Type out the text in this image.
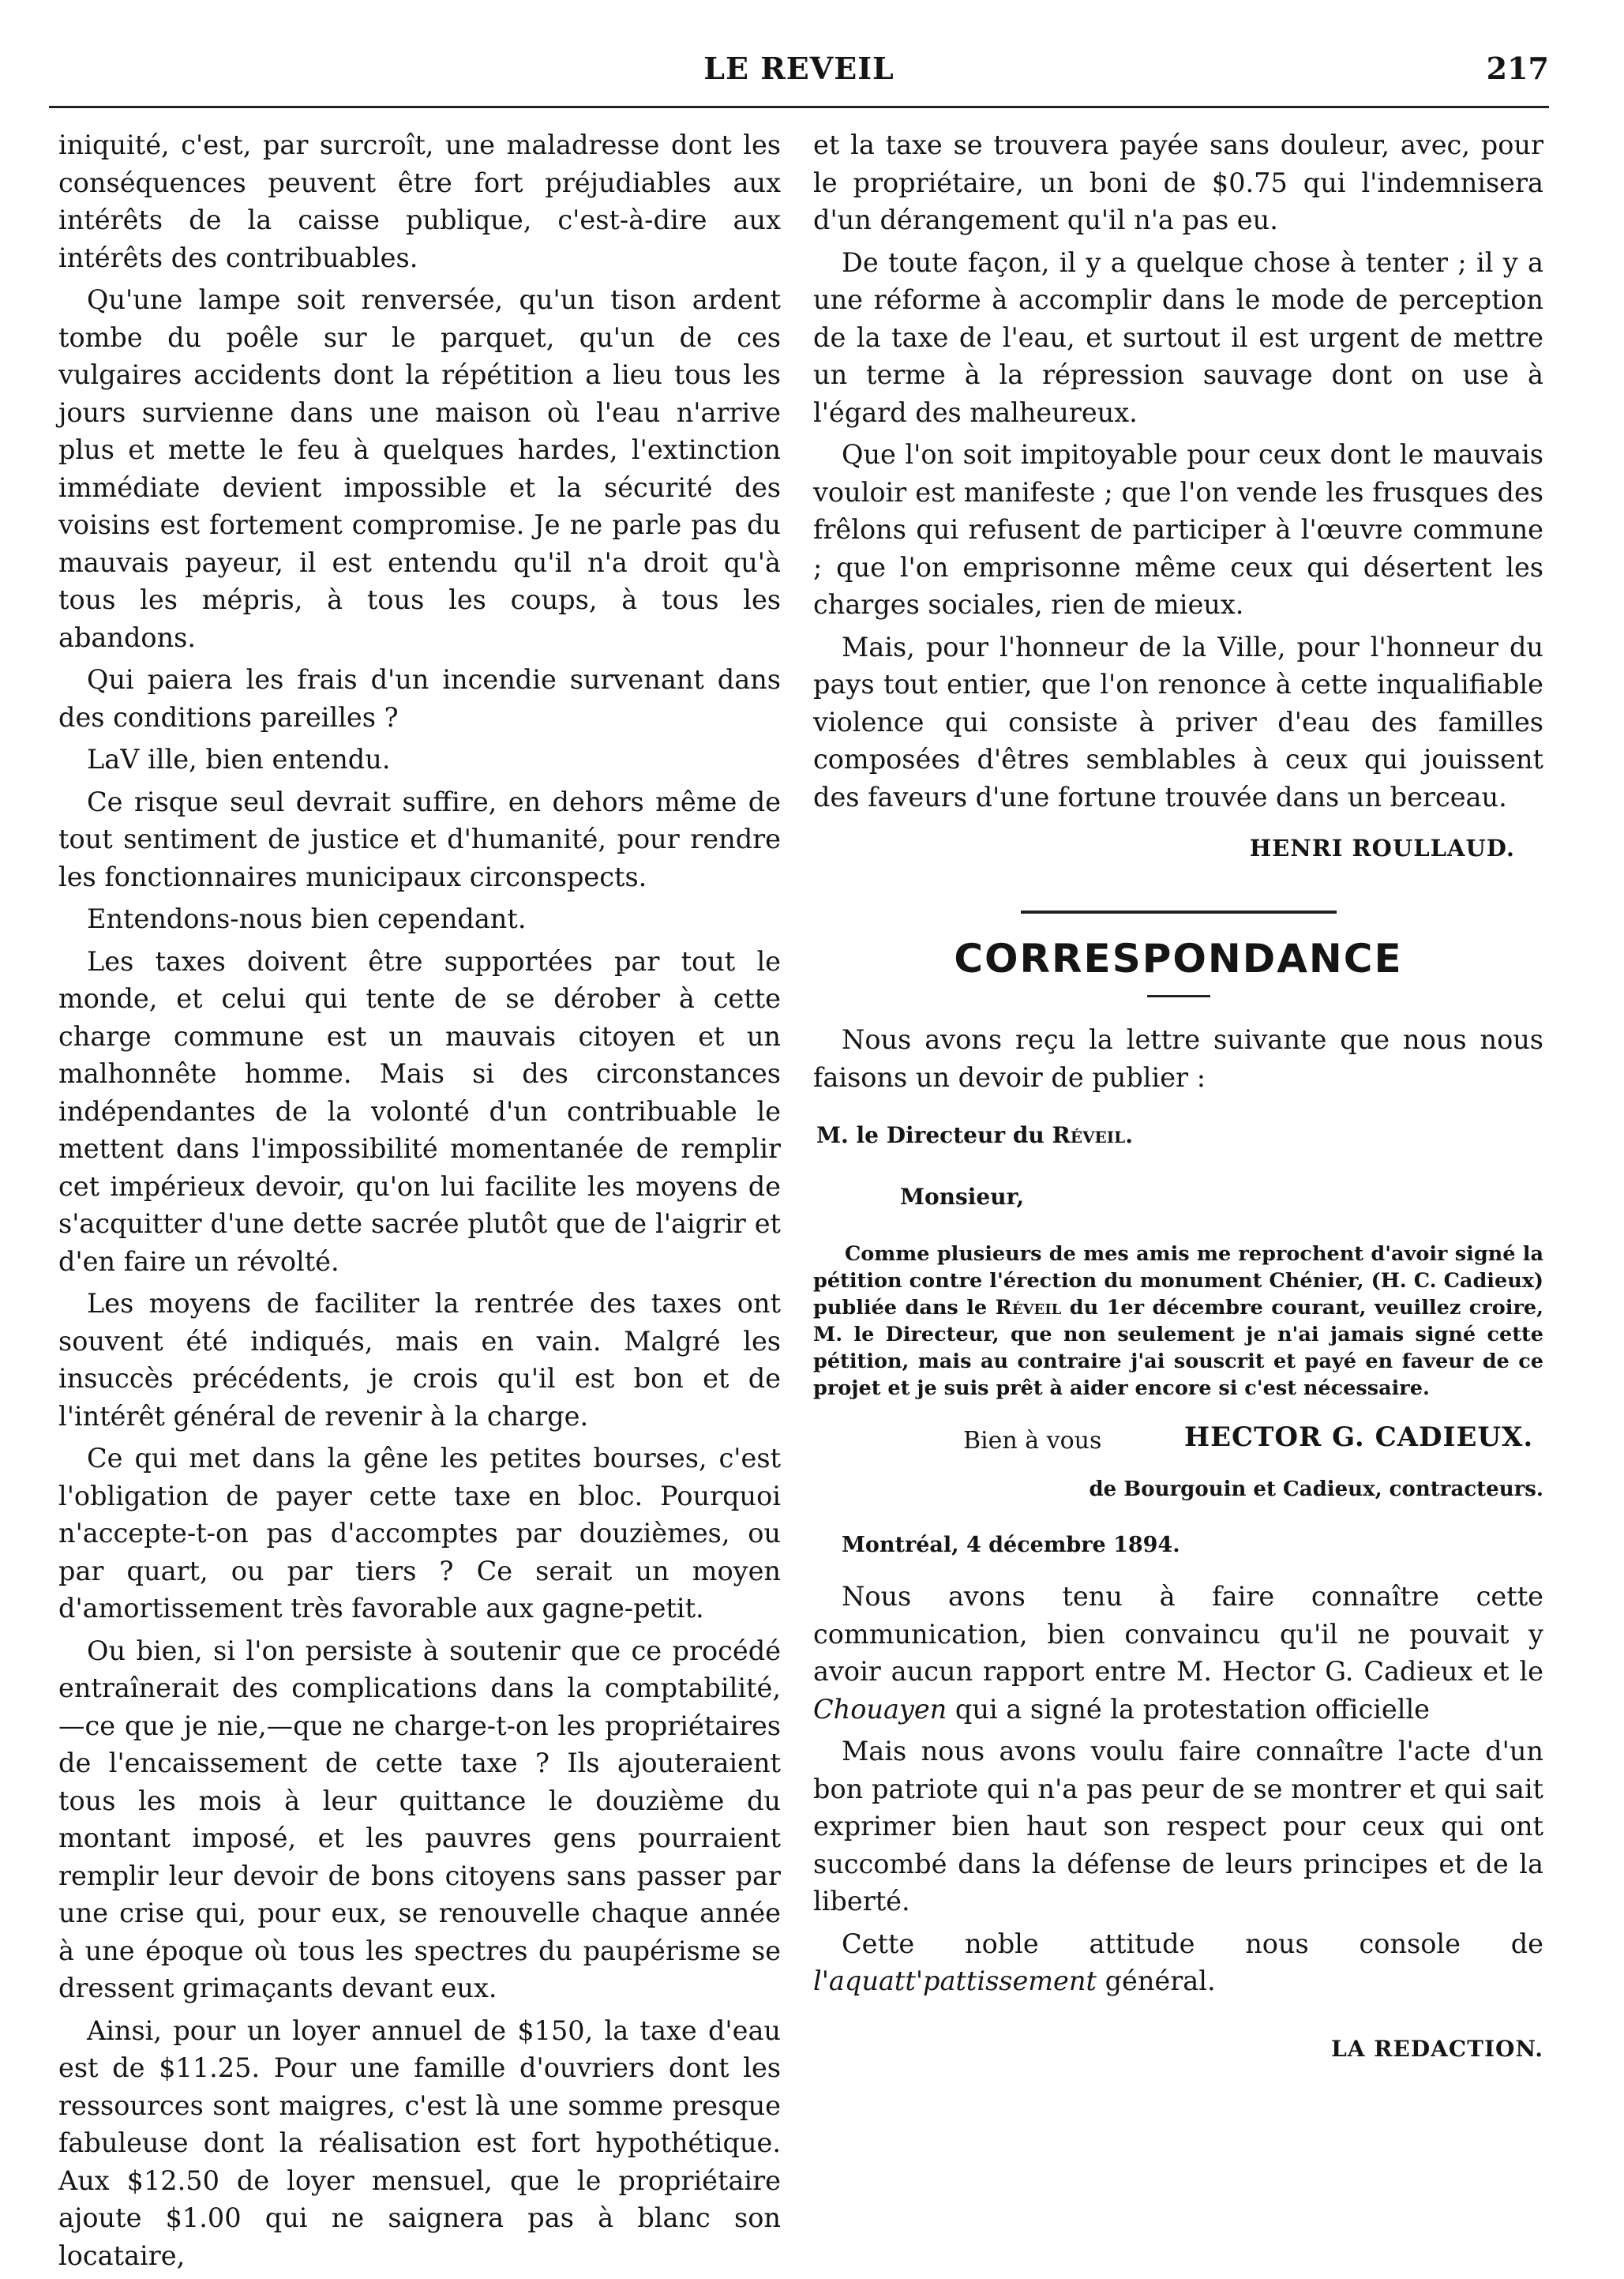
LE REVEIL	217

iniquité, c'est, par surcroît, une maladresse dont les conséquences peuvent être fort préjudiables aux intérêts de la caisse publique, c'est-à-dire aux intérêts des contribuables.

Qu'une lampe soit renversée, qu'un tison ardent tombe du poêle sur le parquet, qu'un de ces vulgaires accidents dont la répétition a lieu tous les jours survienne dans une maison où l'eau n'arrive plus et mette le feu à quelques hardes, l'extinction immédiate devient impossible et la sécurité des voisins est fortement compromise. Je ne parle pas du mauvais payeur, il est entendu qu'il n'a droit qu'à tous les mépris, à tous les coups, à tous les abandons.

Qui paiera les frais d'un incendie survenant dans des conditions pareilles ?

LaV ille, bien entendu.

Ce risque seul devrait suffire, en dehors même de tout sentiment de justice et d'humanité, pour rendre les fonctionnaires municipaux circonspects.

Entendons-nous bien cependant.

Les taxes doivent être supportées par tout le monde, et celui qui tente de se dérober à cette charge commune est un mauvais citoyen et un malhonnête homme. Mais si des circonstances indépendantes de la volonté d'un contribuable le mettent dans l'impossibilité momentanée de remplir cet impérieux devoir, qu'on lui facilite les moyens de s'acquitter d'une dette sacrée plutôt que de l'aigrir et d'en faire un révolté.

Les moyens de faciliter la rentrée des taxes ont souvent été indiqués, mais en vain. Malgré les insuccès précédents, je crois qu'il est bon et de l'intérêt général de revenir à la charge.

Ce qui met dans la gêne les petites bourses, c'est l'obligation de payer cette taxe en bloc. Pourquoi n'accepte-t-on pas d'accomptes par douzièmes, ou par quart, ou par tiers ? Ce serait un moyen d'amortissement très favorable aux gagne-petit.

Ou bien, si l'on persiste à soutenir que ce procédé entraînerait des complications dans la comptabilité,—ce que je nie,—que ne charge-t-on les propriétaires de l'encaissement de cette taxe ? Ils ajouteraient tous les mois à leur quittance le douzième du montant imposé, et les pauvres gens pourraient remplir leur devoir de bons citoyens sans passer par une crise qui, pour eux, se renouvelle chaque année à une époque où tous les spectres du paupérisme se dressent grimaçants devant eux.

Ainsi, pour un loyer annuel de $150, la taxe d'eau est de $11.25. Pour une famille d'ouvriers dont les ressources sont maigres, c'est là une somme presque fabuleuse dont la réalisation est fort hypothétique. Aux $12.50 de loyer mensuel, que le propriétaire ajoute $1.00 qui ne saignera pas à blanc son locataire,

et la taxe se trouvera payée sans douleur, avec, pour le propriétaire, un boni de $0.75 qui l'indemnisera d'un dérangement qu'il n'a pas eu.

De toute façon, il y a quelque chose à tenter ; il y a une réforme à accomplir dans le mode de perception de la taxe de l'eau, et surtout il est urgent de mettre un terme à la répression sauvage dont on use à l'égard des malheureux.

Que l'on soit impitoyable pour ceux dont le mauvais vouloir est manifeste ; que l'on vende les frusques des frêlons qui refusent de participer à l'œuvre commune ; que l'on emprisonne même ceux qui désertent les charges sociales, rien de mieux.

Mais, pour l'honneur de la Ville, pour l'honneur du pays tout entier, que l'on renonce à cette inqualifiable violence qui consiste à priver d'eau des familles composées d'êtres semblables à ceux qui jouissent des faveurs d'une fortune trouvée dans un berceau.

HENRI ROULLAUD.
CORRESPONDANCE

Nous avons reçu la lettre suivante que nous nous faisons un devoir de publier :

M. le Directeur du Réveil.
Monsieur,
Comme plusieurs de mes amis me reprochent d'avoir signé la pétition contre l'érection du monument Chénier, (H. C. Cadieux) publiée dans le Réveil du 1er décembre courant, veuillez croire, M. le Directeur, que non seulement je n'ai jamais signé cette pétition, mais au contraire j'ai souscrit et payé en faveur de ce projet et je suis prêt à aider encore si c'est nécessaire.
Bien à vous	HECTOR G. CADIEUX.
de Bourgouin et Cadieux, contracteurs.
Montréal, 4 décembre 1894.

Nous avons tenu à faire connaître cette communication, bien convaincu qu'il ne pouvait y avoir aucun rapport entre M. Hector G. Cadieux et le Chouayen qui a signé la protestation officielle

Mais nous avons voulu faire connaître l'acte d'un bon patriote qui n'a pas peur de se montrer et qui sait exprimer bien haut son respect pour ceux qui ont succombé dans la défense de leurs principes et de la liberté.

Cette noble attitude nous console de l'aquatt'pattissement général.

LA REDACTION.
